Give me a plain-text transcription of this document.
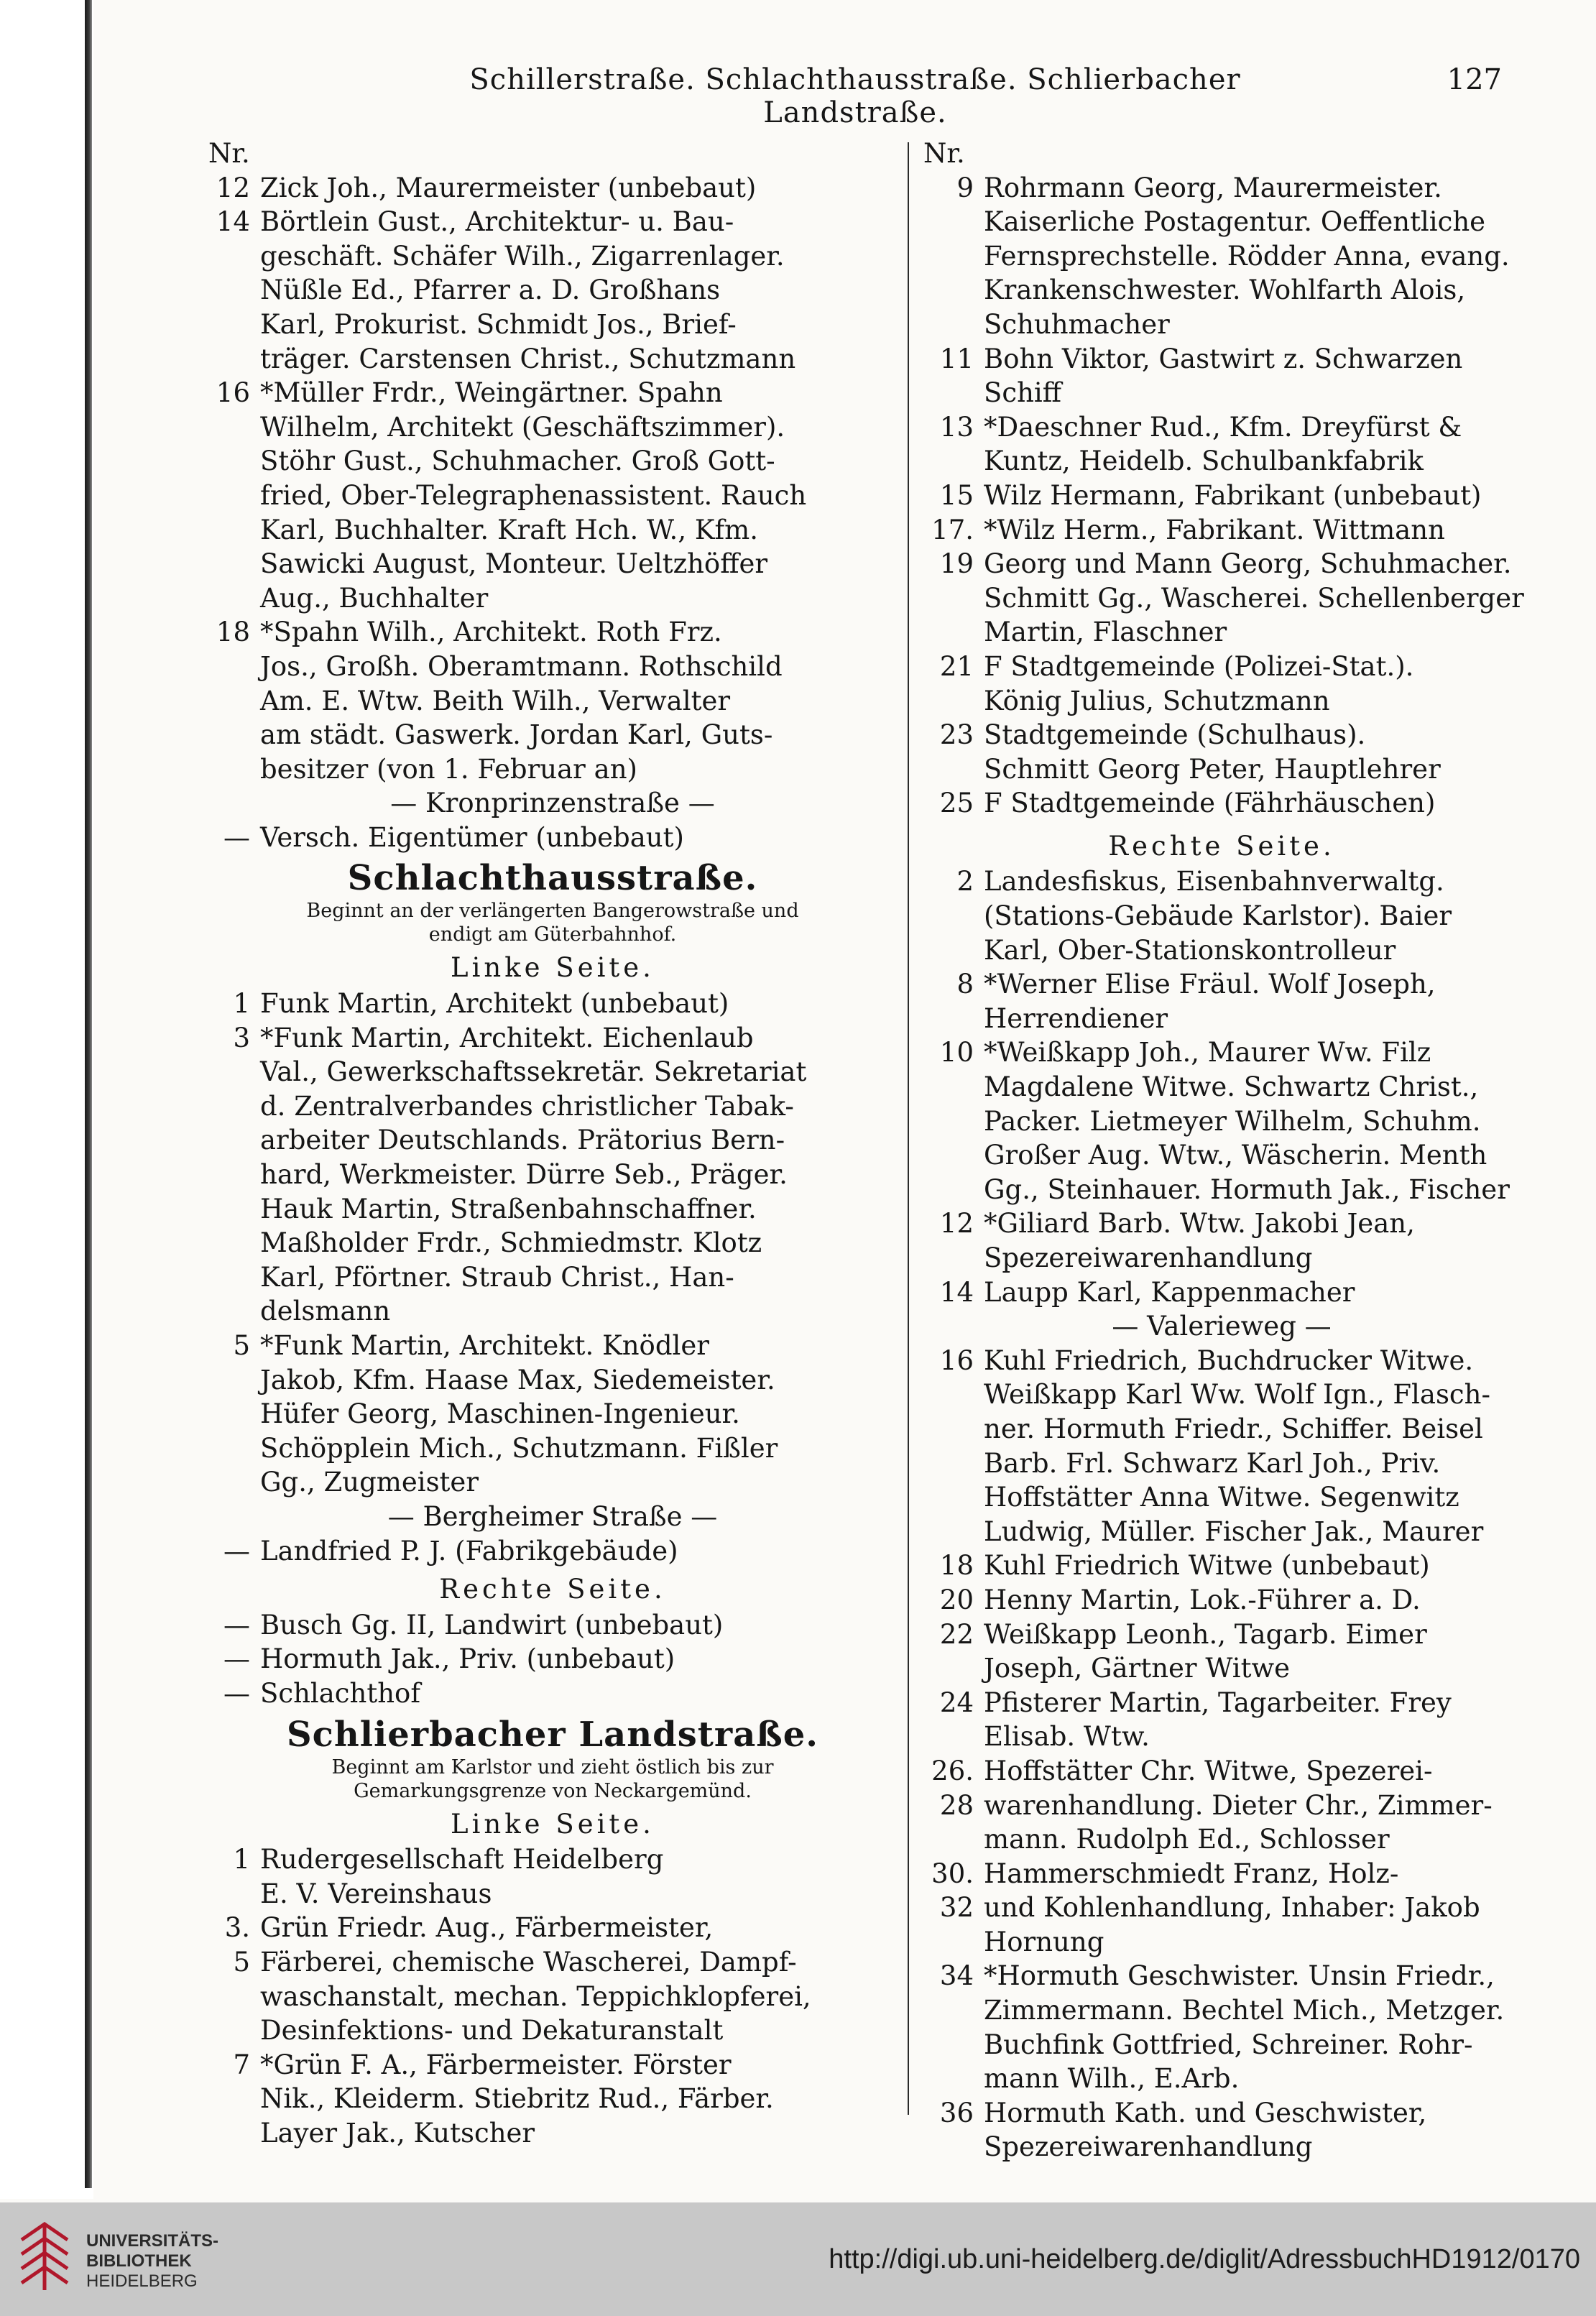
Schillerstraße. Schlachthausstraße. Schlierbacher Landstraße.
127
Nr.
12 Zick Joh., Maurermeister (unbebaut)
14 Börtlein Gust., Architektur- u. Bau-
geschäft. Schäfer Wilh., Zigarrenlager.
Nüßle Ed., Pfarrer a. D. Großhans
Karl, Prokurist. Schmidt Jos., Brief-
träger. Carstensen Christ., Schutzmann
16 *Müller Frdr., Weingärtner. Spahn
Wilhelm, Architekt (Geschäftszimmer).
Stöhr Gust., Schuhmacher. Groß Gott-
fried, Ober-Telegraphenassistent. Rauch
Karl, Buchhalter. Kraft Hch. W., Kfm.
Sawicki August, Monteur. Ueltzhöffer
Aug., Buchhalter
18 *Spahn Wilh., Architekt. Roth Frz.
Jos., Großh. Oberamtmann. Rothschild
Am. E. Wtw. Beith Wilh., Verwalter
am städt. Gaswerk. Jordan Karl, Guts-
besitzer (von 1. Februar an)
— Kronprinzenstraße —
— Versch. Eigentümer (unbebaut)
Schlachthausstraße.
Beginnt an der verlängerten Bangerowstraße und
endigt am Güterbahnhof.
Linke Seite.
1 Funk Martin, Architekt (unbebaut)
3 *Funk Martin, Architekt. Eichenlaub
Val., Gewerkschaftssekretär. Sekretariat
d. Zentralverbandes christlicher Tabak-
arbeiter Deutschlands. Prätorius Bern-
hard, Werkmeister. Dürre Seb., Präger.
Hauk Martin, Straßenbahnschaffner.
Maßholder Frdr., Schmiedmstr. Klotz
Karl, Pförtner. Straub Christ., Han-
delsmann
5 *Funk Martin, Architekt. Knödler
Jakob, Kfm. Haase Max, Siedemeister.
Hüfer Georg, Maschinen-Ingenieur.
Schöpplein Mich., Schutzmann. Fißler
Gg., Zugmeister
— Bergheimer Straße —
— Landfried P. J. (Fabrikgebäude)
Rechte Seite.
— Busch Gg. II, Landwirt (unbebaut)
— Hormuth Jak., Priv. (unbebaut)
— Schlachthof
Schlierbacher Landstraße.
Beginnt am Karlstor und zieht östlich bis zur
Gemarkungsgrenze von Neckargemünd.
Linke Seite.
1 Rudergesellschaft Heidelberg
E. V. Vereinshaus
3. 5
Grün Friedr. Aug., Färbermeister,
Färberei, chemische Wascherei, Dampf-
waschanstalt, mechan. Teppichklopferei,
Desinfektions- und Dekaturanstalt
7 *Grün F. A., Färbermeister. Förster
Nik., Kleiderm. Stiebritz Rud., Färber.
Layer Jak., Kutscher
Nr.
9 Rohrmann Georg, Maurermeister.
Kaiserliche Postagentur. Oeffentliche
Fernsprechstelle. Rödder Anna, evang.
Krankenschwester. Wohlfarth Alois,
Schuhmacher
11 Bohn Viktor, Gastwirt z. Schwarzen
Schiff
13 *Daeschner Rud., Kfm. Dreyfürst &
Kuntz, Heidelb. Schulbankfabrik
15 Wilz Hermann, Fabrikant (unbebaut)
17. 19
*Wilz Herm., Fabrikant. Wittmann
Georg und Mann Georg, Schuhmacher.
Schmitt Gg., Wascherei. Schellenberger
Martin, Flaschner
21 F Stadtgemeinde (Polizei-Stat.).
König Julius, Schutzmann
23 Stadtgemeinde (Schulhaus).
Schmitt Georg Peter, Hauptlehrer
25 F Stadtgemeinde (Fährhäuschen)
Rechte Seite.
2 Landesfiskus, Eisenbahnverwaltg.
(Stations-Gebäude Karlstor). Baier
Karl, Ober-Stationskontrolleur
8 *Werner Elise Fräul. Wolf Joseph,
Herrendiener
10 *Weißkapp Joh., Maurer Ww. Filz
Magdalene Witwe. Schwartz Christ.,
Packer. Lietmeyer Wilhelm, Schuhm.
Großer Aug. Wtw., Wäscherin. Menth
Gg., Steinhauer. Hormuth Jak., Fischer
12 *Giliard Barb. Wtw. Jakobi Jean,
Spezereiwarenhandlung
14 Laupp Karl, Kappenmacher
— Valerieweg —
16 Kuhl Friedrich, Buchdrucker Witwe.
Weißkapp Karl Ww. Wolf Ign., Flasch-
ner. Hormuth Friedr., Schiffer. Beisel
Barb. Frl. Schwarz Karl Joh., Priv.
Hoffstätter Anna Witwe. Segenwitz
Ludwig, Müller. Fischer Jak., Maurer
18 Kuhl Friedrich Witwe (unbebaut)
20 Henny Martin, Lok.-Führer a. D.
22 Weißkapp Leonh., Tagarb. Eimer
Joseph, Gärtner Witwe
24 Pfisterer Martin, Tagarbeiter. Frey
Elisab. Wtw.
26. 28
Hoffstätter Chr. Witwe, Spezerei-
warenhandlung. Dieter Chr., Zimmer-
mann. Rudolph Ed., Schlosser
30. 32
Hammerschmiedt Franz, Holz-
und Kohlenhandlung, Inhaber: Jakob
Hornung
34 *Hormuth Geschwister. Unsin Friedr.,
Zimmermann. Bechtel Mich., Metzger.
Buchfink Gottfried, Schreiner. Rohr-
mann Wilh., E.Arb.
36 Hormuth Kath. und Geschwister,
Spezereiwarenhandlung
UNIVERSITÄTS-
BIBLIOTHEK
HEIDELBERG
http://digi.ub.uni-heidelberg.de/diglit/AdressbuchHD1912/0170
